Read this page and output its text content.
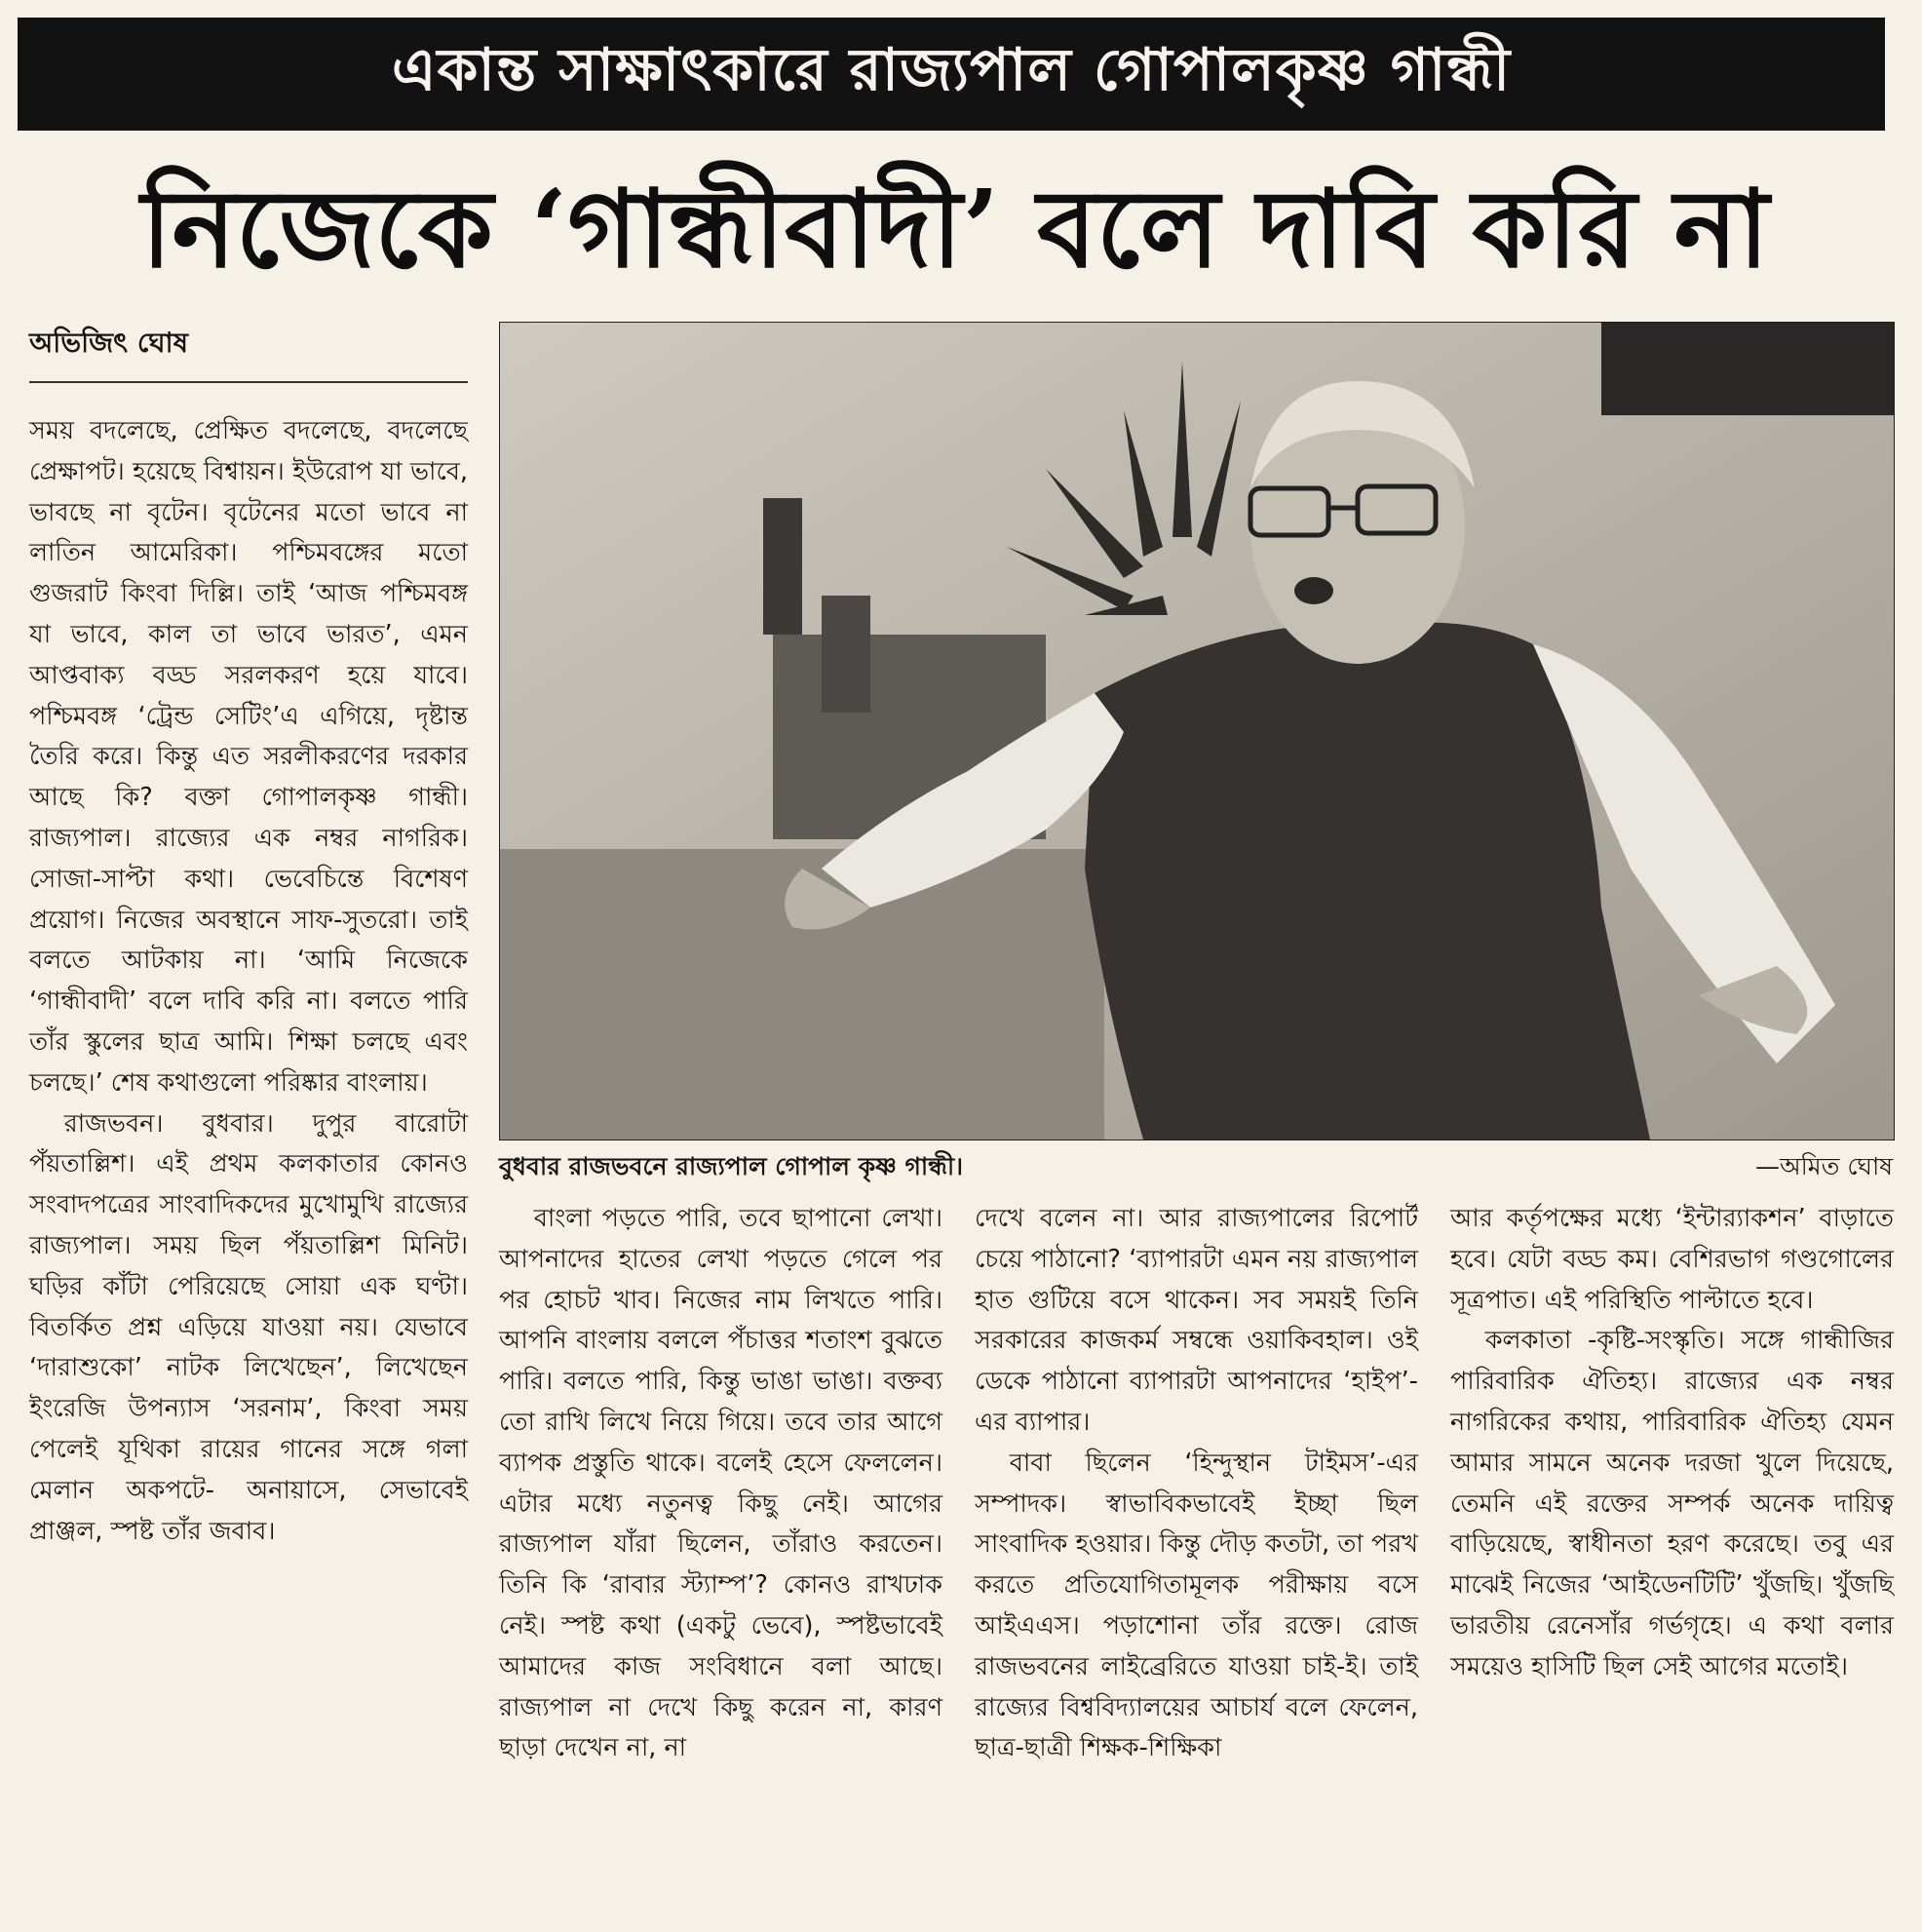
একান্ত সাক্ষাৎকারে রাজ্যপাল গোপালকৃষ্ণ গান্ধী
নিজেকে ‘গান্ধীবাদী’ বলে দাবি করি না
অভিজিৎ ঘোষ

সময় বদলেছে, প্রেক্ষিত বদলেছে, বদলেছে প্রেক্ষাপট। হয়েছে বিশ্বায়ন। ইউরোপ যা ভাবে, ভাবছে না বৃটেন। বৃটেনের মতো ভাবে না লাতিন আমেরিকা। পশ্চিমবঙ্গের মতো গুজরাট কিংবা দিল্লি। তাই ‘আজ পশ্চিমবঙ্গ যা ভাবে, কাল তা ভাবে ভারত’, এমন আপ্তবাক্য বড্ড সরলকরণ হয়ে যাবে। পশ্চিমবঙ্গ ‘ট্রেন্ড সেটিং’এ এগিয়ে, দৃষ্টান্ত তৈরি করে। কিন্তু এত সরলীকরণের দরকার আছে কি? বক্তা গোপালকৃষ্ণ গান্ধী। রাজ্যপাল। রাজ্যের এক নম্বর নাগরিক। সোজা-সাপ্টা কথা। ভেবেচিন্তে বিশেষণ প্রয়োগ। নিজের অবস্থানে সাফ-সুতরো। তাই বলতে আটকায় না। ‘আমি নিজেকে ‘গান্ধীবাদী’ বলে দাবি করি না। বলতে পারি তাঁর স্কুলের ছাত্র আমি। শিক্ষা চলছে এবং চলছে।’ শেষ কথাগুলো পরিষ্কার বাংলায়।

রাজভবন। বুধবার। দুপুর বারোটা পঁয়তাল্লিশ। এই প্রথম কলকাতার কোনও সংবাদপত্রের সাংবাদিকদের মুখোমুখি রাজ্যের রাজ্যপাল। সময় ছিল পঁয়তাল্লিশ মিনিট। ঘড়ির কাঁটা পেরিয়েছে সোয়া এক ঘণ্টা। বিতর্কিত প্রশ্ন এড়িয়ে যাওয়া নয়। যেভাবে ‘দারাশুকো’ নাটক লিখেছেন’, লিখেছেন ইংরেজি উপন্যাস ‘সরনাম’, কিংবা সময় পেলেই যূথিকা রায়ের গানের সঙ্গে গলা মেলান অকপটে- অনায়াসে, সেভাবেই প্রাঞ্জল, স্পষ্ট তাঁর জবাব।

বুধবার রাজভবনে রাজ্যপাল গোপাল কৃষ্ণ গান্ধী।	—অমিত ঘোষ

বাংলা পড়তে পারি, তবে ছাপানো লেখা। আপনাদের হাতের লেখা পড়তে গেলে পর পর হোচট খাব। নিজের নাম লিখতে পারি। আপনি বাংলায় বললে পঁচাত্তর শতাংশ বুঝতে পারি। বলতে পারি, কিন্তু ভাঙা ভাঙা। বক্তব্য তো রাখি লিখে নিয়ে গিয়ে। তবে তার আগে ব্যাপক প্রস্তুতি থাকে। বলেই হেসে ফেললেন। এটার মধ্যে নতুনত্ব কিছু নেই। আগের রাজ্যপাল যাঁরা ছিলেন, তাঁরাও করতেন। তিনি কি ‘রাবার স্ট্যাম্প’? কোনও রাখঢাক নেই। স্পষ্ট কথা (একটু ভেবে), স্পষ্টভাবেই আমাদের কাজ সংবিধানে বলা আছে। রাজ্যপাল না দেখে কিছু করেন না, কারণ ছাড়া দেখেন না, না

দেখে বলেন না। আর রাজ্যপালের রিপোর্ট চেয়ে পাঠানো? ‘ব্যাপারটা এমন নয় রাজ্যপাল হাত গুটিয়ে বসে থাকেন। সব সময়ই তিনি সরকারের কাজকর্ম সম্বন্ধে ওয়াকিবহাল। ওই ডেকে পাঠানো ব্যাপারটা আপনাদের ‘হাইপ’-এর ব্যাপার।

বাবা ছিলেন ‘হিন্দুস্থান টাইমস’-এর সম্পাদক। স্বাভাবিকভাবেই ইচ্ছা ছিল সাংবাদিক হওয়ার। কিন্তু দৌড় কতটা, তা পরখ করতে প্রতিযোগিতামূলক পরীক্ষায় বসে আইএএস। পড়াশোনা তাঁর রক্তে। রোজ রাজভবনের লাইব্রেরিতে যাওয়া চাই-ই। তাই রাজ্যের বিশ্ববিদ্যালয়ের আচার্য বলে ফেলেন, ছাত্র-ছাত্রী শিক্ষক-শিক্ষিকা

আর কর্তৃপক্ষের মধ্যে ‘ইন্টার‍্যাকশন’ বাড়াতে হবে। যেটা বড্ড কম। বেশিরভাগ গণ্ডগোলের সূত্রপাত। এই পরিস্থিতি পাল্টাতে হবে।

কলকাতা -কৃষ্টি-সংস্কৃতি। সঙ্গে গান্ধীজির পারিবারিক ঐতিহ্য। রাজ্যের এক নম্বর নাগরিকের কথায়, পারিবারিক ঐতিহ্য যেমন আমার সামনে অনেক দরজা খুলে দিয়েছে, তেমনি এই রক্তের সম্পর্ক অনেক দায়িত্ব বাড়িয়েছে, স্বাধীনতা হরণ করেছে। তবু এর মাঝেই নিজের ‘আইডেনটিটি’ খুঁজছি। খুঁজছি ভারতীয় রেনেসাঁর গর্ভগৃহে। এ কথা বলার সময়েও হাসিটি ছিল সেই আগের মতোই।
